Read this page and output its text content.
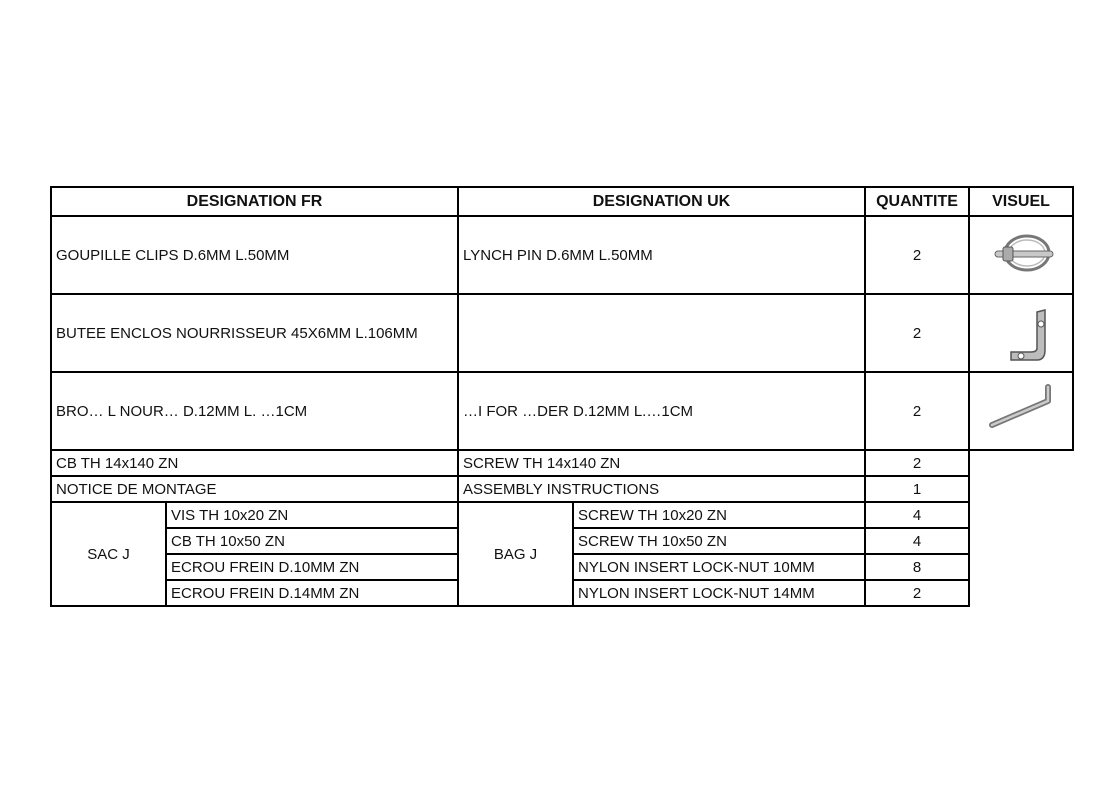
DESIGNATION FR		DESIGNATION UK		QUANTITE	VISUEL
GOUPILLE CLIPS D.6MM L.50MM		LYNCH PIN D.6MM L.50MM		2	

BUTEE ENCLOS NOURRISSEUR 45X6MM L.106MM				2	

BRO… L NOUR… D.12MM L. …1CM		…I FOR …DER D.12MM L.…1CM		2	

CB TH 14x140 ZN		SCREW TH 14x140 ZN		2	
NOTICE DE MONTAGE		ASSEMBLY INSTRUCTIONS		1	
SAC J	VIS TH 10x20 ZN	BAG J	SCREW TH 10x20 ZN	4	
	CB TH 10x50 ZN		SCREW TH 10x50 ZN	4	
	ECROU FREIN D.10MM ZN		NYLON INSERT LOCK-NUT 10MM	8	
	ECROU FREIN D.14MM ZN		NYLON INSERT LOCK-NUT 14MM	2	
